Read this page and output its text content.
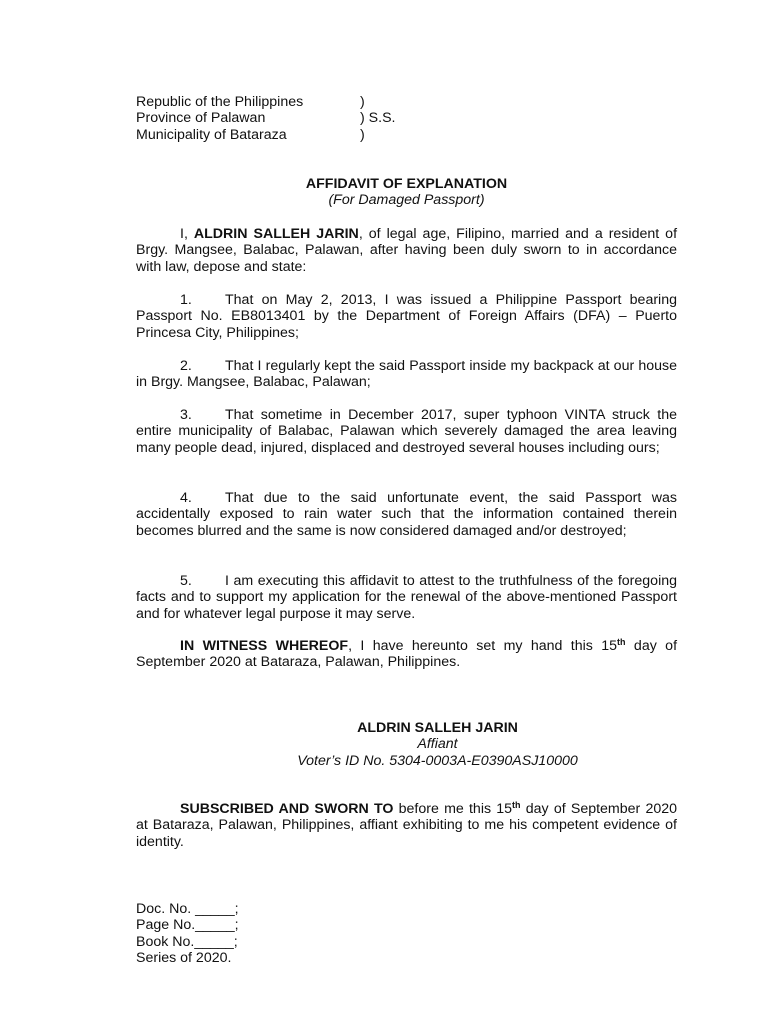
Republic of the Philippines	)
Province of Palawan	) S.S.
Municipality of Bataraza	)
AFFIDAVIT OF EXPLANATION
(For Damaged Passport)

I, ALDRIN SALLEH JARIN, of legal age, Filipino, married and a resident of Brgy. Mangsee, Balabac, Palawan, after having been duly sworn to in accordance with law, depose and state:

1. That on May 2, 2013, I was issued a Philippine Passport bearing Passport No. EB8013401 by the Department of Foreign Affairs (DFA) – Puerto Princesa City, Philippines;

2. That I regularly kept the said Passport inside my backpack at our house in Brgy. Mangsee, Balabac, Palawan;

3. That sometime in December 2017, super typhoon VINTA struck the entire municipality of Balabac, Palawan which severely damaged the area leaving many people dead, injured, displaced and destroyed several houses including ours;

4. That due to the said unfortunate event, the said Passport was accidentally exposed to rain water such that the information contained therein becomes blurred and the same is now considered damaged and/or destroyed;

5. I am executing this affidavit to attest to the truthfulness of the foregoing facts and to support my application for the renewal of the above-mentioned Passport and for whatever legal purpose it may serve.

IN WITNESS WHEREOF, I have hereunto set my hand this 15th day of September 2020 at Bataraza, Palawan, Philippines.

ALDRIN SALLEH JARIN
Affiant
Voter’s ID No. 5304-0003A-E0390ASJ10000

SUBSCRIBED AND SWORN TO before me this 15th day of September 2020 at Bataraza, Palawan, Philippines, affiant exhibiting to me his competent evidence of identity.

Doc. No. _____;
Page No._____;
Book No._____;
Series of 2020.
